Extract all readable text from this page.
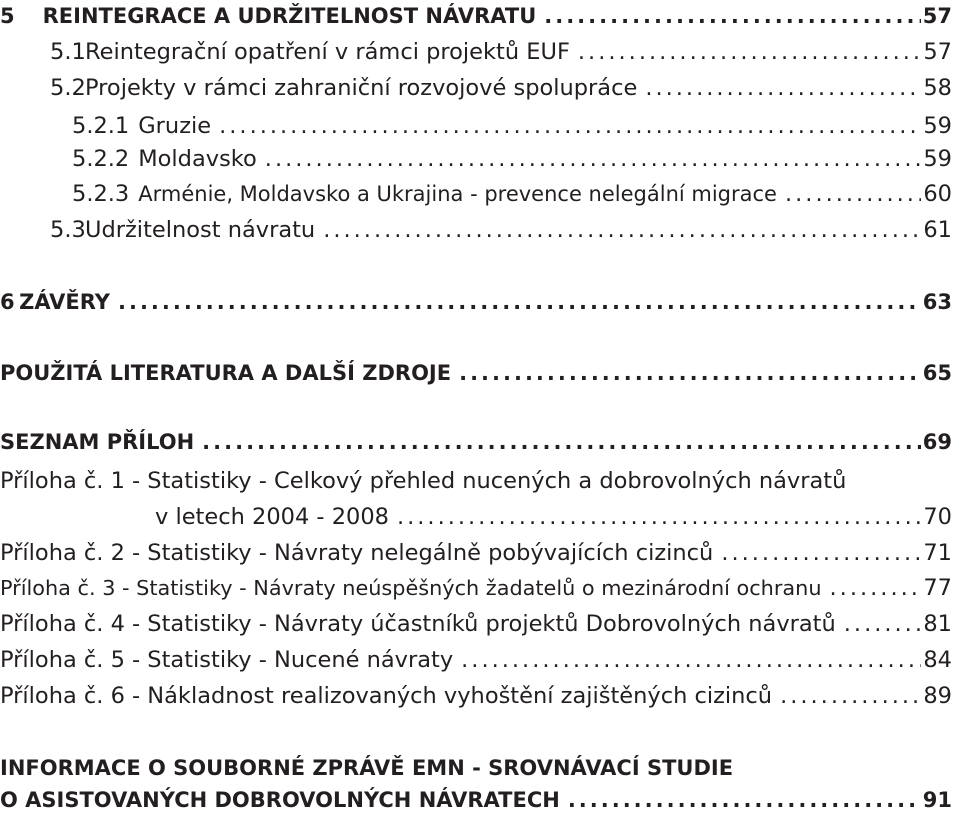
5 REINTEGRACE A UDRŽITELNOST NÁVRATU .....	57
5.1 Reintegrační opatření v rámci projektů EUF .....	57
5.2 Projekty v rámci zahraniční rozvojové spolupráce .....	58
5.2.1 Gruzie .....	59
5.2.2 Moldavsko .....	59
5.2.3 Arménie, Moldavsko a Ukrajina - prevence nelegální migrace .....	60
5.3 Udržitelnost návratu .....	61
6 ZÁVĚRY .....	63
POUŽITÁ LITERATURA A DALŠÍ ZDROJE .....	65
SEZNAM PŘÍLOH .....	69
Příloha č. 1 - Statistiky - Celkový přehled nucených a dobrovolných návratů
v letech 2004 - 2008 .....	70
Příloha č. 2 - Statistiky - Návraty nelegálně pobývajících cizinců .....	71
Příloha č. 3 - Statistiky - Návraty neúspěšných žadatelů o mezinárodní ochranu .....	77
Příloha č. 4 - Statistiky - Návraty účastníků projektů Dobrovolných návratů .....	81
Příloha č. 5 - Statistiky - Nucené návraty .....	84
Příloha č. 6 - Nákladnost realizovaných vyhoštění zajištěných cizinců .....	89
INFORMACE O SOUBORNÉ ZPRÁVĚ EMN - SROVNÁVACÍ STUDIE
O ASISTOVANÝCH DOBROVOLNÝCH NÁVRATECH .....	91
